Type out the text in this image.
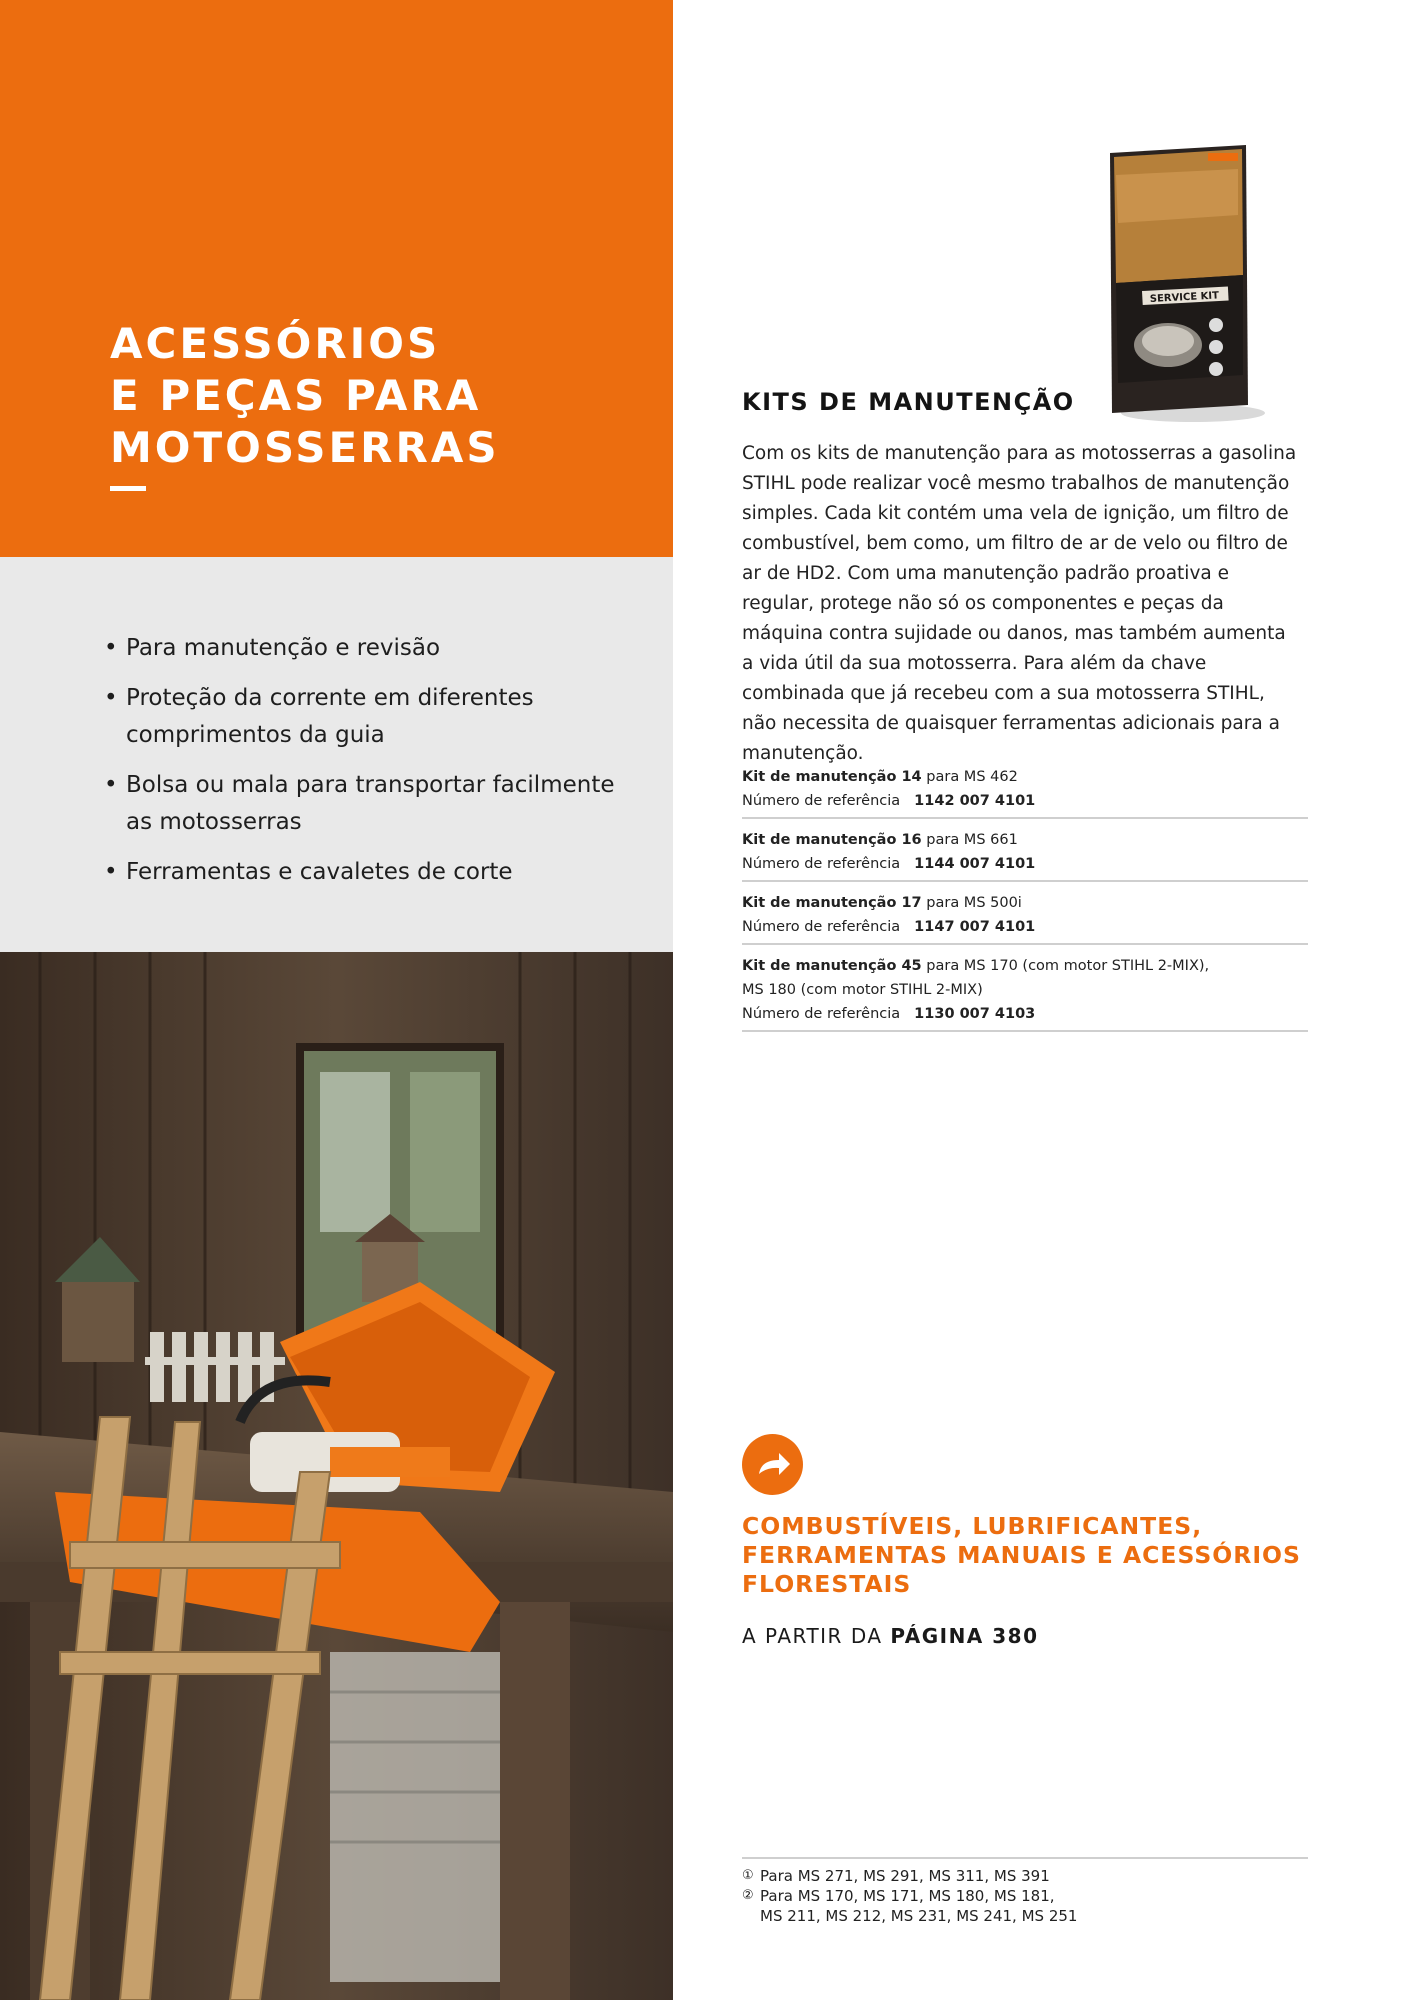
ACESSÓRIOS
E PEÇAS PARA
MOTOSSERRAS
• Para manutenção e revisão
• Proteção da corrente em diferentes comprimentos da guia
• Bolsa ou mala para transportar facilmente as motosserras
• Ferramentas e cavaletes de corte
SERVICE KIT
KITS DE MANUTENÇÃO

Com os kits de manutenção para as motosserras a gasolina STIHL pode realizar você mesmo trabalhos de manutenção simples. Cada kit contém uma vela de ignição, um filtro de combustível, bem como, um filtro de ar de velo ou filtro de ar de HD2. Com uma manutenção padrão proativa e regular, protege não só os componentes e peças da máquina contra sujidade ou danos, mas também aumenta a vida útil da sua motosserra. Para além da chave combinada que já recebeu com a sua motosserra STIHL, não necessita de quaisquer ferramentas adicionais para a manutenção.

Kit de manutenção 14 para MS 462
Número de referência 1142 007 4101
Kit de manutenção 16 para MS 661
Número de referência 1144 007 4101
Kit de manutenção 17 para MS 500i
Número de referência 1147 007 4101
Kit de manutenção 45 para MS 170 (com motor STIHL 2-MIX),
MS 180 (com motor STIHL 2-MIX)
Número de referência 1130 007 4103
COMBUSTÍVEIS, LUBRIFICANTES,
FERRAMENTAS MANUAIS E ACESSÓRIOS
FLORESTAIS
A PARTIR DA PÁGINA 380
① Para MS 271, MS 291, MS 311, MS 391
② Para MS 170, MS 171, MS 180, MS 181,
MS 211, MS 212, MS 231, MS 241, MS 251
